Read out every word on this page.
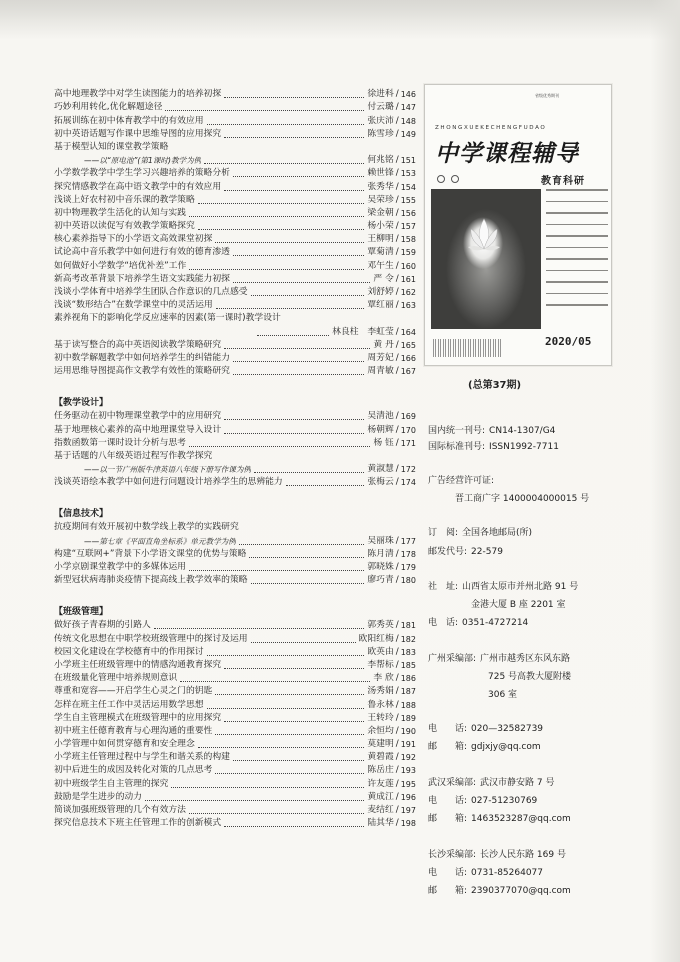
高中地理教学中对学生读图能力的培养初探	徐进科 / 146
巧妙利用转化,优化解题途径	付云璐 / 147
拓展训练在初中体育教学中的有效应用	张庆沛 / 148
初中英语话题写作课中思维导图的应用探究	陈雪珍 / 149
基于模型认知的课堂教学策略
——以“原电池”(第1课时)教学为例	何兆铭 / 151
小学数学教学中学生学习兴趣培养的策略分析	赖世锋 / 153
探究情感教学在高中语文教学中的有效应用	张秀华 / 154
浅谈上好农村初中音乐课的教学策略	吴荣珍 / 155
初中物理教学生活化的认知与实践	梁金朝 / 156
初中英语以读促写有效教学策略探究	杨小荣 / 157
核心素养指导下的小学语文高效课堂初探	王柳明 / 158
试论高中音乐教学中如何进行有效的德育渗透	覃菊清 / 159
如何做好小学数学“培优补差”工作	邓午生 / 160
新高考改革背景下培养学生语文实践能力初探	严 令 / 161
浅谈小学体育中培养学生团队合作意识的几点感受	刘舒婷 / 162
浅谈“数形结合”在数学课堂中的灵活运用	覃红丽 / 163
素养视角下的影响化学反应速率的因素(第一课时)教学设计
林良柱　李虹莹 / 164
基于读写整合的高中英语阅读教学策略研究	黄 丹 / 165
初中数学解题教学中如何培养学生的纠错能力	周芳妃 / 166
运用思维导图提高作文教学有效性的策略研究	周青敏 / 167
【教学设计】
任务驱动在初中物理课堂教学中的应用研究	吴清池 / 169
基于地理核心素养的高中地理课堂导入设计	杨朝辉 / 170
指数函数第一课时设计分析与思考	杨 钰 / 171
基于话题的八年级英语过程写作教学探究
——以一节广州版牛津英语八年级下册写作课为例	黄淑慧 / 172
浅谈英语绘本教学中如何进行问题设计培养学生的思辨能力	张梅云 / 174
【信息技术】
抗疫期间有效开展初中数学线上教学的实践研究
——第七章《平面直角坐标系》单元教学为例	吴丽珠 / 177
构建“互联网+”背景下小学语文课堂的优势与策略	陈月清 / 178
小学京剧课堂教学中的多媒体运用	郭晓姝 / 179
新型冠状病毒肺炎疫情下提高线上教学效率的策略	廖巧青 / 180
【班级管理】
做好孩子青春期的引路人	郭秀英 / 181
传统文化思想在中职学校班级管理中的探讨及运用	欧阳红梅 / 182
校园文化建设在学校德育中的作用探讨	欧英由 / 183
小学班主任班级管理中的情感沟通教育探究	李帮标 / 185
在班级量化管理中培养规则意识	李 欣 / 186
尊重和宽容——开启学生心灵之门的钥匙	汤秀娟 / 187
怎样在班主任工作中灵活运用数学思想	鲁永林 / 188
学生自主管理模式在班级管理中的应用探究	王转玲 / 189
初中班主任德育教育与心理沟通的重要性	余恒均 / 190
小学管理中如何贯穿德育和安全理念	莫建明 / 191
小学班主任管理过程中与学生和谐关系的构建	黄碧霞 / 192
初中后进生的成因及转化对策的几点思考	陈岳庄 / 193
初中班级学生自主管理的探究	许友莲 / 195
鼓励是学生进步的动力	黄成江 / 196
简谈加强班级管理的几个有效方法	麦结红 / 197
探究信息技术下班主任管理工作的创新模式	陆其华 / 198
省级优秀期刊
ZHONGXUEKECHENGFUDAO
中学课程辅导
教育科研
2020/05
(总第37期)
国内统一刊号: CN14-1307/G4
国际标准刊号: ISSN1992-7711
广告经营许可证:
晋工商广字 1400004000015 号
订　阅: 全国各地邮局(所)
邮发代号: 22-579
社　址: 山西省太原市并州北路 91 号
金港大厦 B 座 2201 室
电　话: 0351-4727214
广州采编部: 广州市越秀区东风东路
725 号高教大厦附楼
306 室
电　　话: 020—32582739
邮　　箱: gdjxjy@qq.com
武汉采编部: 武汉市静安路 7 号
电　　话: 027-51230769
邮　　箱: 1463523287@qq.com
长沙采编部: 长沙人民东路 169 号
电　　话: 0731-85264077
邮　　箱: 2390377070@qq.com
